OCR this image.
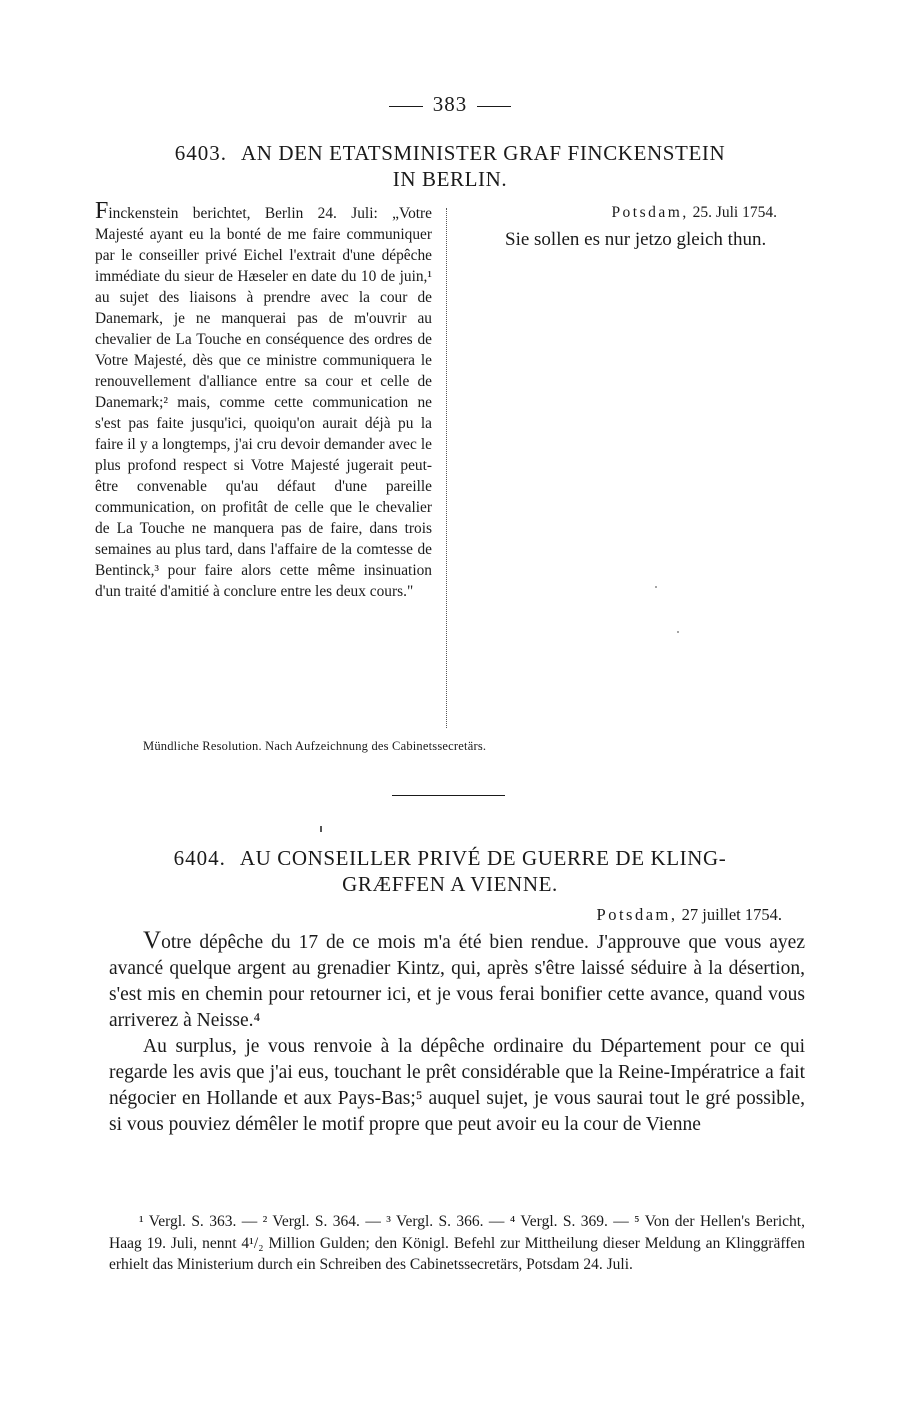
383
6403. AN DEN ETATSMINISTER GRAF FINCKENSTEIN
IN BERLIN.
Finckenstein berichtet, Berlin 24. Juli: „Votre Majesté ayant eu la bonté de me faire communiquer par le conseiller privé Eichel l'extrait d'une dépêche immédiate du sieur de Hæseler en date du 10 de juin,¹ au sujet des liaisons à prendre avec la cour de Danemark, je ne manquerai pas de m'ouvrir au chevalier de La Touche en conséquence des ordres de Votre Majesté, dès que ce ministre communiquera le renouvellement d'alliance entre sa cour et celle de Danemark;² mais, comme cette communication ne s'est pas faite jusqu'ici, quoiqu'on aurait déjà pu la faire il y a longtemps, j'ai cru devoir demander avec le plus profond respect si Votre Majesté jugerait peut-être convenable qu'au défaut d'une pareille communication, on profitât de celle que le chevalier de La Touche ne manquera pas de faire, dans trois semaines au plus tard, dans l'affaire de la comtesse de Bentinck,³ pour faire alors cette même insinuation d'un traité d'amitié à conclure entre les deux cours."
Potsdam, 25. Juli 1754.
Sie sollen es nur jetzo gleich thun.
Mündliche Resolution. Nach Aufzeichnung des Cabinetssecretärs.
6404. AU CONSEILLER PRIVÉ DE GUERRE DE KLING-
GRÆFFEN A VIENNE.
Potsdam, 27 juillet 1754.

Votre dépêche du 17 de ce mois m'a été bien rendue. J'approuve que vous ayez avancé quelque argent au grenadier Kintz, qui, après s'être laissé séduire à la désertion, s'est mis en chemin pour retourner ici, et je vous ferai bonifier cette avance, quand vous arriverez à Neisse.⁴

Au surplus, je vous renvoie à la dépêche ordinaire du Département pour ce qui regarde les avis que j'ai eus, touchant le prêt considérable que la Reine-Impératrice a fait négocier en Hollande et aux Pays-Bas;⁵ auquel sujet, je vous saurai tout le gré possible, si vous pouviez démêler le motif propre que peut avoir eu la cour de Vienne

¹ Vergl. S. 363. — ² Vergl. S. 364. — ³ Vergl. S. 366. — ⁴ Vergl. S. 369. — ⁵ Von der Hellen's Bericht, Haag 19. Juli, nennt 4¹/₂ Million Gulden; den Königl. Befehl zur Mittheilung dieser Meldung an Klinggräffen erhielt das Ministerium durch ein Schreiben des Cabinetssecretärs, Potsdam 24. Juli.
